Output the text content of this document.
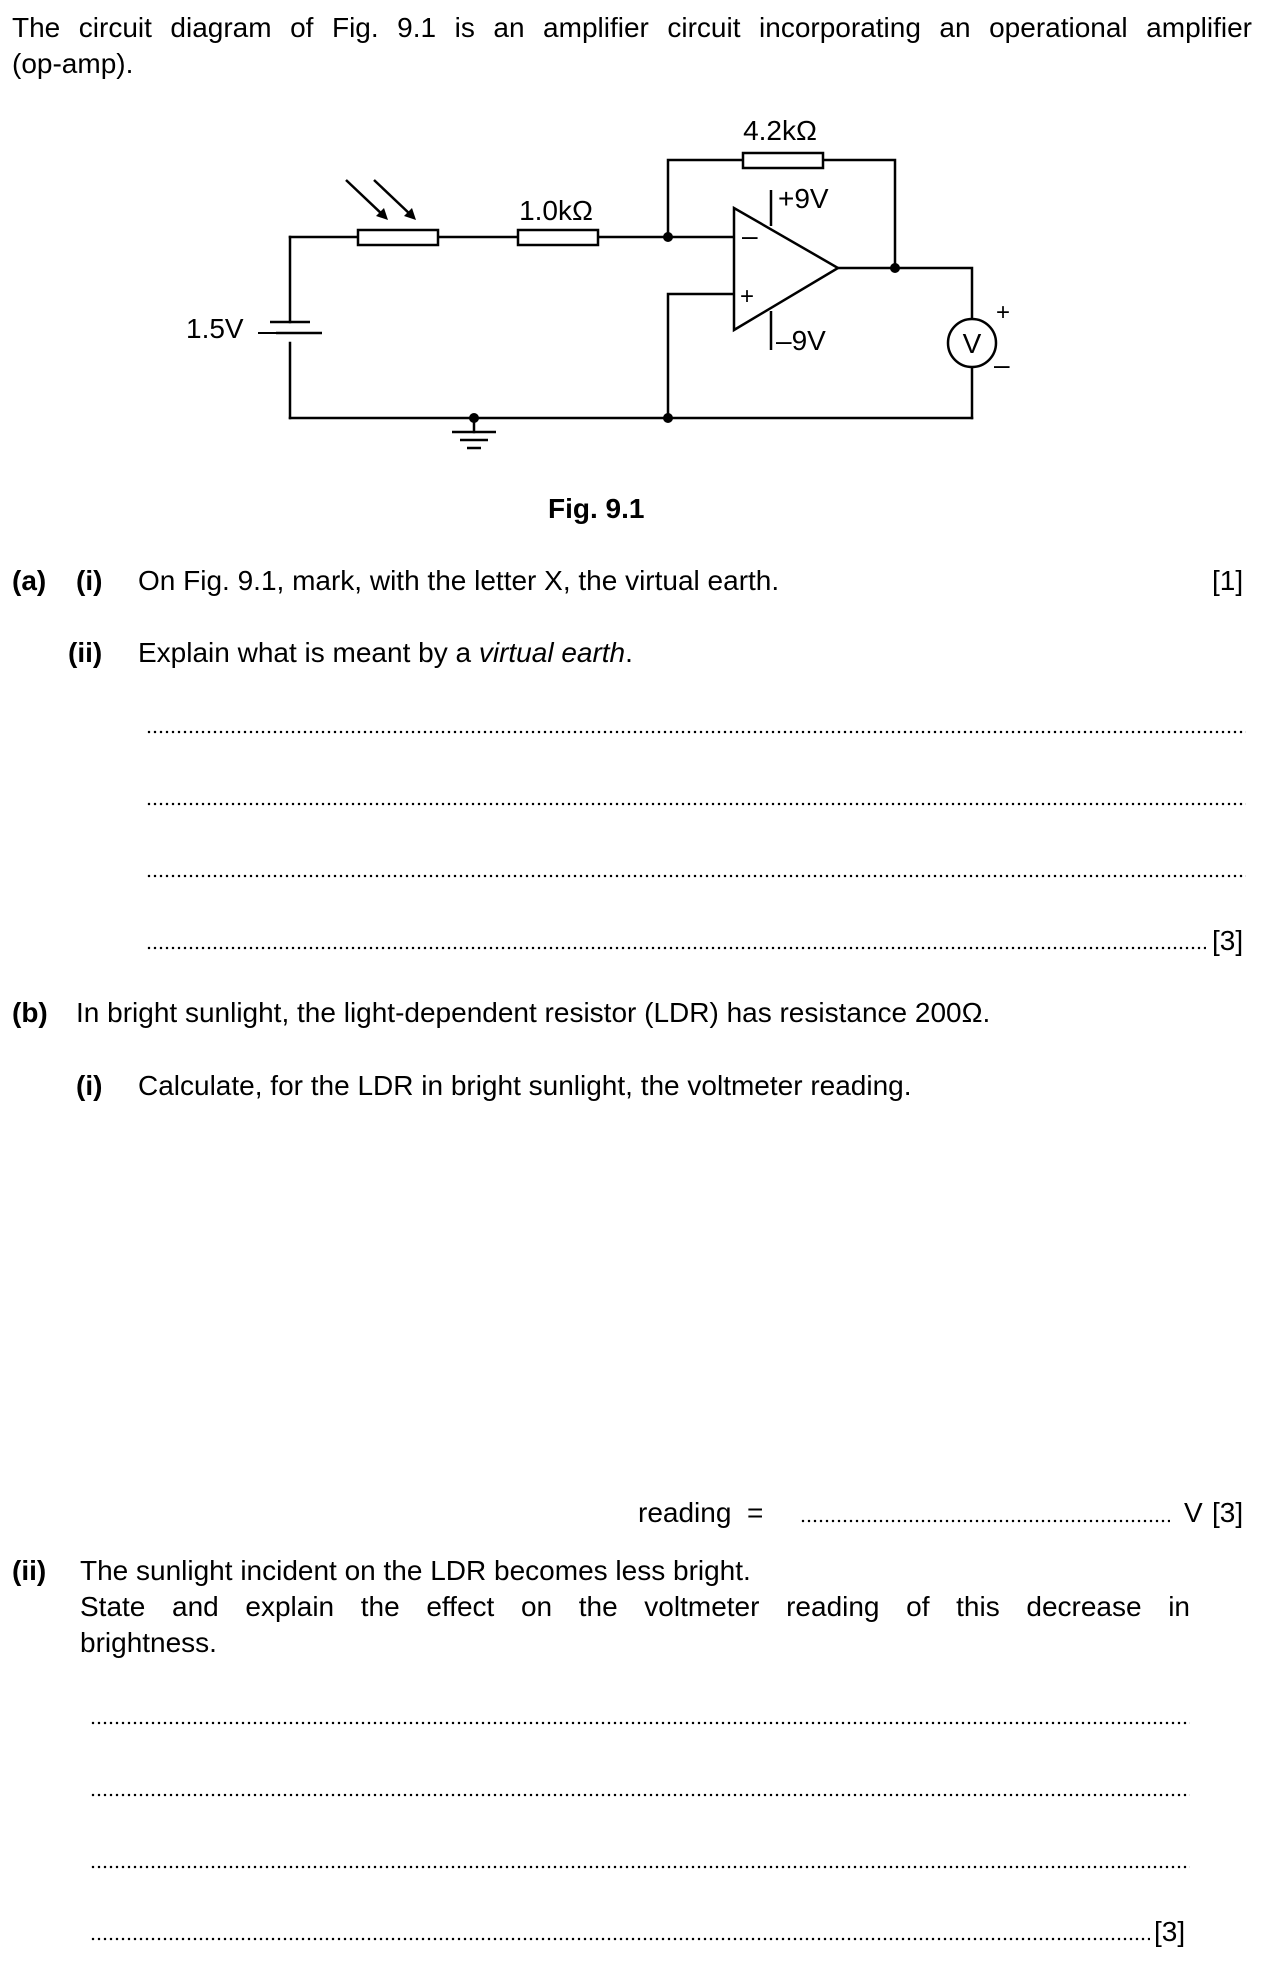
The circuit diagram of Fig. 9.1 is an amplifier circuit incorporating an operational amplifier
(op-amp).
4.2kΩ
1.0kΩ	+9V
–9V
1.5V
–
+
V
+
–
Fig. 9.1
(a) (i) On Fig. 9.1, mark, with the letter X, the virtual earth.	[1]
(ii) Explain what is meant by a virtual earth.
[3]
(b) In bright sunlight, the light-dependent resistor (LDR) has resistance 200Ω.
(i) Calculate, for the LDR in bright sunlight, the voltmeter reading.
reading  =	V [3]
(ii) The sunlight incident on the LDR becomes less bright.
State and explain the effect on the voltmeter reading of this decrease in
brightness.
[3]
